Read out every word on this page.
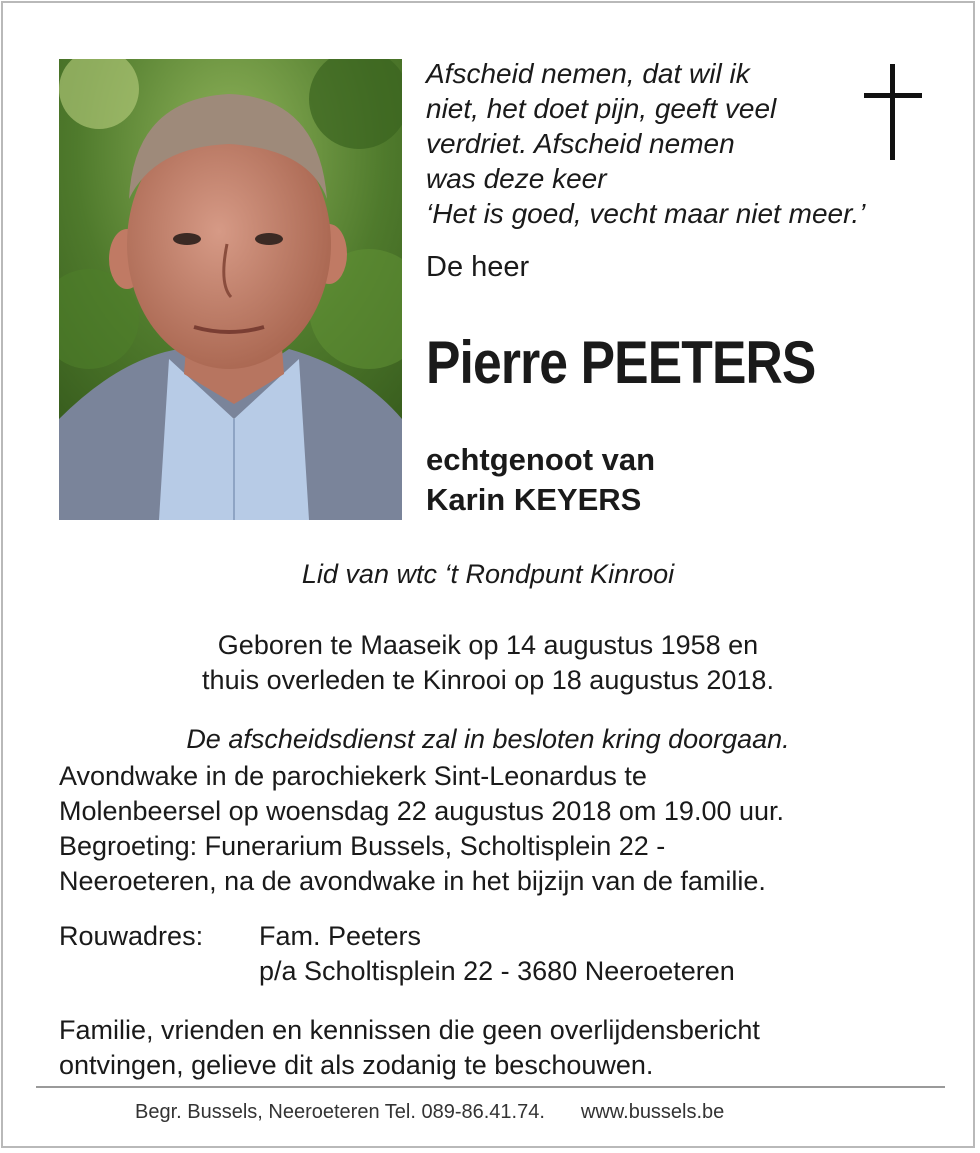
Afscheid nemen, dat wil ik
niet, het doet pijn, geeft veel
verdriet. Afscheid nemen
was deze keer
‘Het is goed, vecht maar niet meer.’
De heer
Pierre PEETERS
echtgenoot van
Karin KEYERS
Lid van wtc ‘t Rondpunt Kinrooi
Geboren te Maaseik op 14 augustus 1958 en
thuis overleden te Kinrooi op 18 augustus 2018.
De afscheidsdienst zal in besloten kring doorgaan.
Avondwake in de parochiekerk Sint-Leonardus te
Molenbeersel op woensdag 22 augustus 2018 om 19.00 uur.
Begroeting: Funerarium Bussels, Scholtisplein 22 -
Neeroeteren, na de avondwake in het bijzijn van de familie.
Rouwadres: Fam. Peeters
p/a Scholtisplein 22 - 3680 Neeroeteren
Familie, vrienden en kennissen die geen overlijdensbericht
ontvingen, gelieve dit als zodanig te beschouwen.
Begr. Bussels, Neeroeteren Tel. 089-86.41.74. www.bussels.be
